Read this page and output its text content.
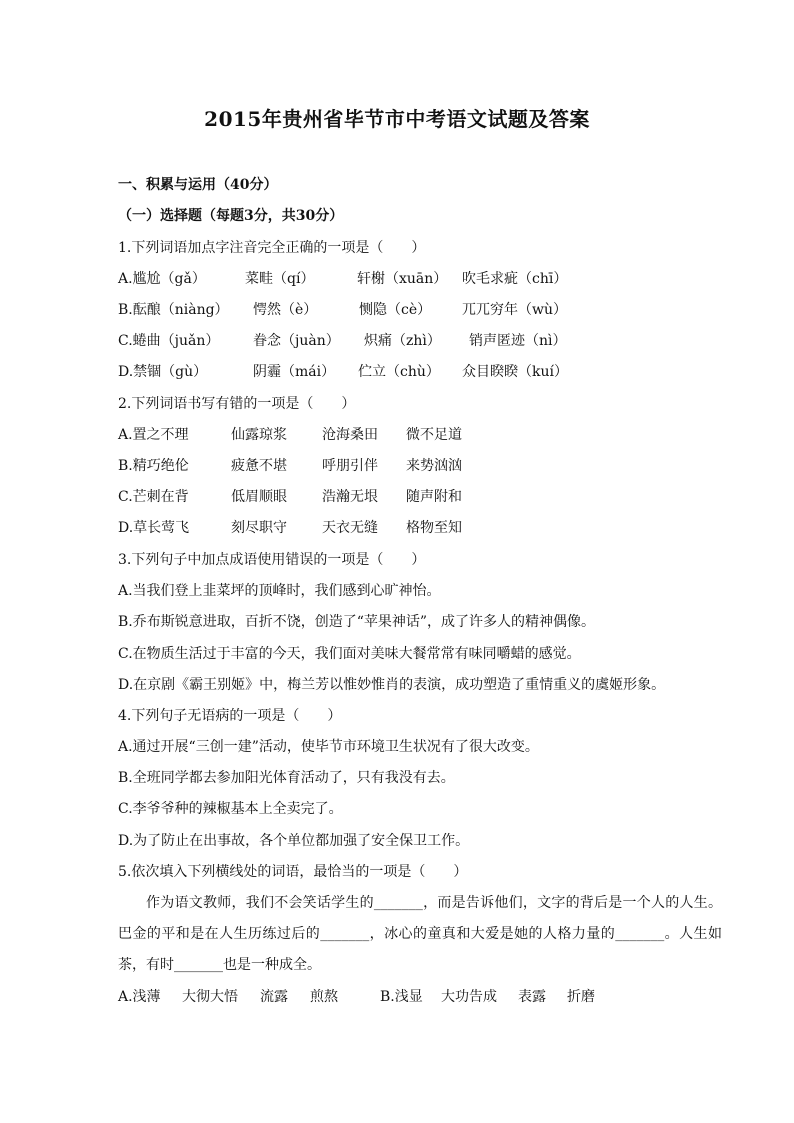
2015年贵州省毕节市中考语文试题及答案
一、积累与运用（40分）
（一）选择题（每题3分，共30分）
1.下列词语加点字注音完全正确的一项是（　　）
A.尴尬（gǎ）	菜畦（qí）	轩榭（xuān） 吹毛求疵（chī）
B.酝酿（niàng） 愕然（è）	恻隐（cè） 兀兀穷年（wù）
C.蜷曲（juǎn） 眷念（juàn） 炽痛（zhì） 销声匿迹（nì）
D.禁锢（gù）	阴霾（mái） 伫立（chù） 众目睽睽（kuí）
2.下列词语书写有错的一项是（　　）
A.置之不理	仙露琼浆	沧海桑田 微不足道
B.精巧绝伦	疲惫不堪	呼朋引伴 来势汹汹
C.芒刺在背	低眉顺眼	浩瀚无垠 随声附和
D.草长莺飞	刻尽职守	天衣无缝 格物至知
3.下列句子中加点成语使用错误的一项是（　　）
A.当我们登上韭菜坪的顶峰时，我们感到心旷神怡。
B.乔布斯锐意进取，百折不饶，创造了“苹果神话”，成了许多人的精神偶像。
C.在物质生活过于丰富的今天，我们面对美味大餐常常有味同嚼蜡的感觉。
D.在京剧《霸王别姬》中，梅兰芳以惟妙惟肖的表演，成功塑造了重情重义的虞姬形象。
4.下列句子无语病的一项是（　　）
A.通过开展“三创一建”活动，使毕节市环境卫生状况有了很大改变。
B.全班同学都去参加阳光体育活动了，只有我没有去。
C.李爷爷种的辣椒基本上全卖完了。
D.为了防止在出事故，各个单位都加强了安全保卫工作。
5.依次填入下列横线处的词语，最恰当的一项是（　　）
作为语文教师，我们不会笑话学生的_______，而是告诉他们，文字的背后是一个人的人生。巴金的平和是在人生历练过后的_______，冰心的童真和大爱是她的人格力量的_______。人生如茶，有时_______也是一种成全。
A.浅薄 大彻大悟 流露 煎熬	B.浅显 大功告成 表露 折磨
